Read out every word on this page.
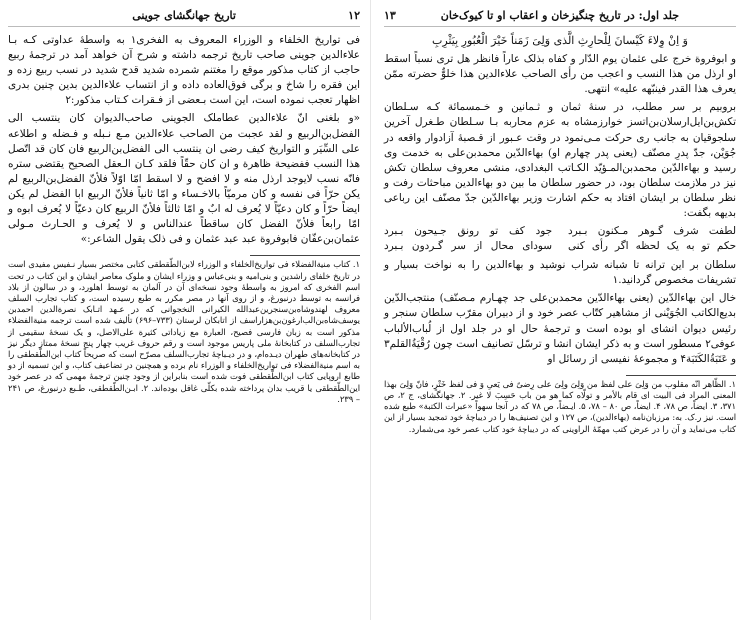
۱۲
تاریخ جهانگشای جوینی

فی تواریخ الخلفاء و الوزراء المعروف به الفخری۱ به واسطهٔ عداوتی کـه بـا علاءالدین جوینی صاحب تاریخ ترجمه داشته و شرح آن خواهد آمد در ترجمهٔ ربیع حاجب از کتاب مذکور موقع را مغتنم شمرده شدید قدح شدید در نسب ربیع زده و این فقره را شاخ و برگی فوق‌العاده داده و از انتساب علاءالدین بدین چنین بدری اظهار تعجب نموده است، این است بـعضی از فـقرات کـتاب مذکور:۲

«و بلغنی انّ علاءالدین عطاملک الجوینی صاحب‌الدیوان کان ینتسب الی الفضل‌بن‌الربیع و لقد عجبت من الصاحب علاءالدین مـع نـبله و فـضله و اطلاعه علی السِّیَر و التواریخ کیف رضی ان ینتسب الی الفضل‌بن‌الربیع فان کان قد اتّصل هذا النسب ففضیحة ظاهرة و ان کان حقّاً فلقد کـان الـعقل الصحیح یقتضی ستره فانّه نسب لایوجد ارذل منه و لا افضح و لا اسقط امّا اوّلاً فلأنّ الفضل‌بن‌الربیع لم یکن حرّاً فی نفسه و کان مرمیّاً بالاخـساء و امّا ثانیاً فلأنّ الربیع ابا الفضل لم یکن ایضاً حرّاً و کان دعیّاً لا یُعرف له ابٌ و امّا ثالثاً فلأنّ الربیع کان دعیّاً لا یُعرف ابوه و امّا رابعاً فلأنّ الفضل کان ساقطاً عندالناس و لا یُعرف و الحـارث مـولی عثمان‌بن‌عفّان فابوفروة عبد عبد عثمان و فی ذلک یقول الشاعر:»

۱. کتاب منیة‌الفضلاء فی تواریخ‌الخلفاء و الوزراء لابن‌الطّقطقی کتابی مختصر بسیار نـفیس مفیدی است در تاریخ خلفای راشدین و بنی‌امیه و بنی‌عباس و وزراء ایشان و ملوک معاصر ایشان و این کتاب در تحت اسم الفخری که امروز به واسطهٔ وجود نسخه‌ای آن در آلمان به توسط اهلورد، و در سالون از بلاد فرانسه به توسط درنبورغ، و از روی آنها در مصر مکرر به طبع رسیده است، و کتاب تجارب السلف معروف لهندوشاه‌بن‌سنجرین‌عبدالله الکیرانی النخجوانی که در عـهد اتـابک نصرةالدین احمدبن یوسف‌شاه‌بن‌الب‌ارغون‌بن‌هزاراسف از اتابکان لرستان (۷۳۳–۶۹۶) تألیف شده است ترجمه منیة‌الفضلاء مذکور است به زبان فارسی فصیح، العبارة مع زیاداتی کثیرة علی‌الاصل، و یک نسخهٔ سقیمی از تجارب‌السلف در کتابخانهٔ ملی پاریس موجود است و رقم حروف غریب چهار پنج نسخهٔ ممتاز دیگر نیز در کتابخانه‌های طهران دیـده‌ام، و در دیـباچهٔ تجارب‌السلف مصرّح است که صریحاً کتاب ابن‌الطّقطقی را به اسم منیة‌الفضلاء فی تواریخ‌الخلفاء و الوزراء نام برده و همچنین در تضاعیف کتاب، و این تسمیه از دو طابع اروپایی کتاب ابن‌الطّقطقی فوت شده است بنابراین از وجود چنین ترجمهٔ مهمی که در عصر خود این‌الطّقطقی یا قریب بدان پرداخته شده بکلّی غافل بوده‌اند. ۲. ابـن‌الطّقطقی، طـبع درنبورغ، ص ۲۴۱ – ۲۳۹.

جلد اول: در تاریخ چنگیزخان و اعقاب او تا کیوک‌خان
۱۳
وَ اِنْ وِلاءَ کَیْسانَ لِلْحارِثِ الَّذی وَلِیَ زَمَناً خَیْرَ الْعُبُورِ بِیَثْرِبِ

و ابوفروة خرج علی عثمان یوم الدّار و کفاه بذلک عاراً فانظر هل تری نسباً اسقط او ارذل من هذا النسب و اعجب من رأی الصاحب علاءالدین هذا خلوٌّ حضرته ممّن یعرف هذا القدر فینبّهه علیه» انتهی.

بروبیم بر سر مطلب، در سنهٔ ثمان و ثـمانین و خـمسمائة کـه سـلطان تکش‌بن‌ایل‌ارسلان‌بن‌اتسز خوارزمشاه به عزم محاربه بـا سـلطان طـغرل آخرین سلجوقیان به جانب ری حرکت مـی‌نمود در وقت عـبور از قـصبهٔ آزادوار واقعه در جُوَیْن، جدّ پدرِ مصنّف (یعنی پدر چهارم او) بهاءالدّین محمدبن‌علی به خدمت وی رسید و بهاءالدّین محمدبن‌المـؤیّد الکـاتب البغدادی، منشی معروف سلطان تکش نیز در ملازمت سلطان بود، در حضور سلطان ما بین دو بهاءالدین مباحثات رفت و نظر سلطان بر ایشان افتاد به حکم اشارت وزیر بهاءالدّین جدّ مصنّف این رباعی بدیهه بگفت:

لطفت شرف گـوهر مـکنون بـبرد
جود کف تو رونق جـیحون بـبرد
حکم تو به یک لحظه اگر رأی کنی
سودای محال از سر گـردون بـبرد

سلطان بر این ترانه تا شبانه شراب نوشید و بهاءالدین را به نواخت بسیار و تشریفات مخصوص گردانید.۱

خال این بهاءالدّین (یعنی بهاءالدّین محمدبن‌علی جد چهـارم مـصنّف) منتجب‌الدّین بدیع‌الکاتب الجُوَیْنی از مشاهیر کتّاب عصر خود و از دبیران مقرّب سلطان سنجر و رئیس دیوان انشای او بوده است و ترجمهٔ حال او در جلد اول از لُباب‌الألباب عوفی۲ مسطور است و به ذکر ایشان انشا و ترسّل تصانیف است چون رُقْیَةُالقلم۳ و عَتَبَةُالکَتَبَة۴ و مجموعهٔ نفیسی از رسائل او

۱. الظّاهر انّه مقلوب من وَلِیَ علی لفظ من وَلِیَ ولِیَ علی رِضیً فی یَعیِ وَ فی لفظ خَتْرٍ، فانّ وَلِیَ بهذا المعنی المراد فی البیت ای قام بالأمر و تولّاه کما هو من باب حَسِبَ لا غیر. ۲. جهانگشای، ج ۲، ص ۳۷۱، ۳. ایضاً، ص ۷۸، ۴. ایضاً، ص ۸۰ – ۷۸، ۵. ایـضاً، ص ۷۸ که در آنجا سهواً «عبرات الکتبة» طبع شده است. نیز ر.ک. به: مرزبان‌نامه (بهاءالدین)، ص ۱۲۷ و این تصنیف‌ها را در دیباچهٔ خود تمجید بسیار از این کتاب می‌نماید و آن را در عرض کتب مهمّهٔ الراوینی که در دیباچهٔ خود کتاب عصر خود می‌شمارد.
